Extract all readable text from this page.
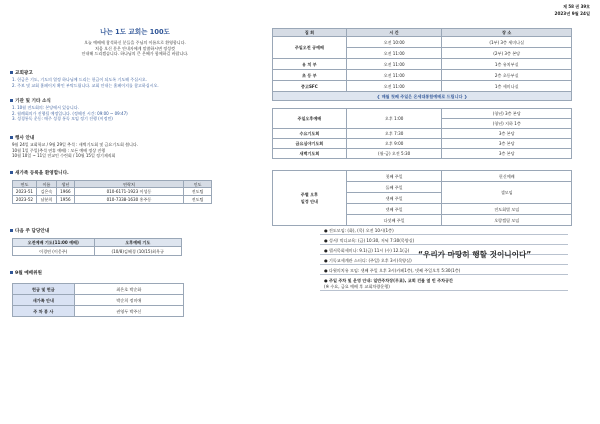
제 58 권 39호
2023년 9월 24일
나는 1도 교회는 100도
오늘 예배에 참석하신 분들을 주님의 이름으로 환영합니다.
처음 오신 분은 안내자에게 말씀하시면 정성껏
안내해 드리겠습니다. 하나님의 큰 은혜가 함께하길 바랍니다.
교회광고
1. 헌금은 기도, 기도의 열정 하나님께 드리는 헌금이 되도록 기도해 주십시오.
2. 주보 및 교회 홈페이지 확인 부탁드립니다. 교회 안내는 홈페이지를 참고하십시오.
기관 및 기타 소식
1. 10월 전도회의: 본당에서 있습니다.
2. 월례회의가 진행될 예정입니다. (정해진 시간: 09:00 ~ 09:47)
3. 성경통독 운동: 매주 성경 통독 모임 정기 진행 (이정민)
행사 안내
9월 24일 교회학교 / 9월 29일 추석 : 새벽기도회 및 금요기도회 쉽니다.
10월 1일 주일(추석 연휴 예배) : 모든 예배 정상 진행
10월 10일 ~ 11일 전교인 수련회 / 10월 15일 정기제직회
새가족 등록을 환영합니다.
연도	이름	생년	연락처	인도
2023-51	김은숙	1966	010-6171-1923 이성동	전도팀
2023-52	남분희	1956	010-7338-1630 홍주동	전도팀
다음 주 담당안내
오전예배 기도(11:00 예배)	오후예배 기도
이경연 (이웅주)	(10/8)김혜경 (10/15)최옥규
9월 예배위원
헌금 및 헌금	최은호 박순화
새가족 안내	박순희 정미애
주 차 봉 사	권영두 박주신
집 회	시 간	장 소
주일오전 공예배	오전 10:00	(1부) 3층 세미나실
	오전 11:00	(2부) 3층 본당
유 치 부	오전 11:00	1층 유치부실
초 등 부	오전 11:00	2층 초등부실
중고SFC	오전 11:00	1층 세미나실
❮ 매월 첫째 주일은 온세대통합예배로 드립니다 ❯		
주일오후예배	오후 1:00	(청년) 3층 본당
		(청년) 지하 1층
수요기도회	오후 7:30	3층 본당
금요심야기도회	오후 9:00	3층 본당
새벽기도회	(월-금) 오전 5:30	3층 본당
주별 오후
일정 안내	첫째 주일	헌신예배
	둘째 주일	셀모임
	셋째 주일	
	넷째 주일	전도회별 모임
	다섯째 주일	오랑겔릴 모임
● 전도모임: (화), (목) 오전 10시(1층)
● 성서/ 믹디교육: (금) 10:30, 저녁 7:30(목양실)
● 헬서목회세미나: 9.1(금) 11시 (수) 12.1(금)
● 기독교세계관 스터디: (주일) 오후 3시(목양실)
● 다윗의치유 모임: 셋째 주일 오후 3시(카페1층), 넷째 주일오후 5:30(1층)
● 주일 주차 및 운영 안내: 일반주차장(무료), 교회 건물 옆 빈 주차공간
(※ 수요, 금요 예배 후 교회차량운행)
“우리가 마땅히 행할 것이니이다”
